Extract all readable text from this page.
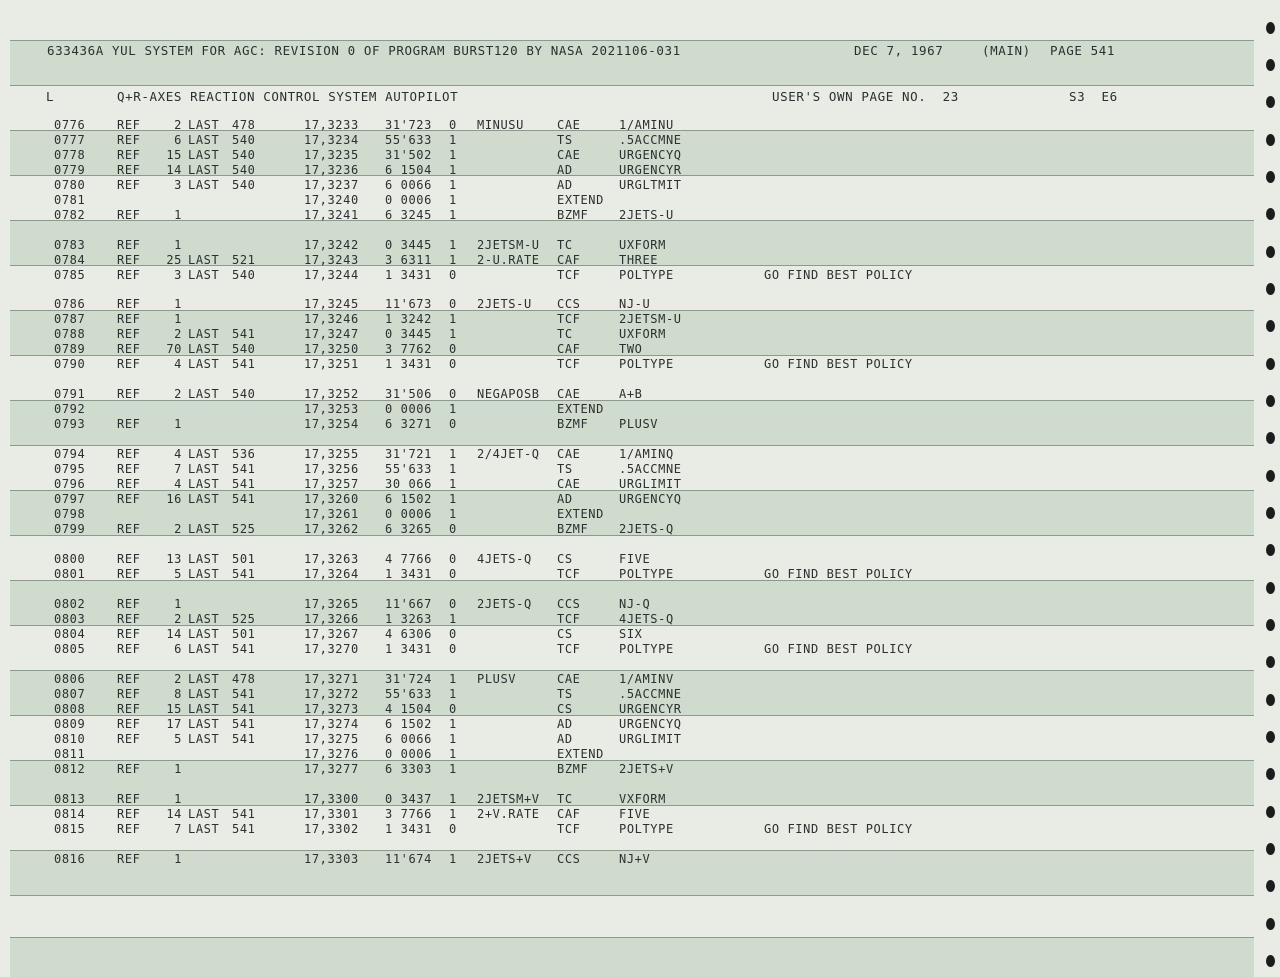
633436A YUL SYSTEM FOR AGC: REVISION 0 OF PROGRAM BURST120 BY NASA 2021106-031	DEC 7, 1967	(MAIN) PAGE 541
L	Q+R-AXES REACTION CONTROL SYSTEM AUTOPILOT	USER'S OWN PAGE NO.  23	S3  E6
0776	REF	2 LAST 478	17,3233 31'723 0 MINUSU	CAE	1/AMINU
0777	REF	6 LAST 540	17,3234 55'633 1	TS	.5ACCMNE
0778	REF	15 LAST 540	17,3235 31'502 1	CAE	URGENCYQ
0779	REF	14 LAST 540	17,3236 6 1504 1	AD	URGENCYR
0780	REF	3 LAST 540	17,3237 6 0066 1	AD	URGLTMIT
0781	17,3240 0 0006 1	EXTEND
0782	REF	1	17,3241 6 3245 1	BZMF	2JETS-U
0783	REF	1	17,3242 0 3445 1 2JETSM-U TC	UXFORM
0784	REF	25 LAST 521	17,3243 3 6311 1 2-U.RATE CAF	THREE
0785	REF	3 LAST 540	17,3244 1 3431 0	TCF	POLTYPE	GO FIND BEST POLICY
0786	REF	1	17,3245 11'673 0 2JETS-U CCS	NJ-U
0787	REF	1	17,3246 1 3242 1	TCF	2JETSM-U
0788	REF	2 LAST 541	17,3247 0 3445 1	TC	UXFORM
0789	REF	70 LAST 540	17,3250 3 7762 0	CAF	TWO
0790	REF	4 LAST 541	17,3251 1 3431 0	TCF	POLTYPE	GO FIND BEST POLICY
0791	REF	2 LAST 540	17,3252 31'506 0 NEGAPOSB CAE	A+B
0792	17,3253 0 0006 1	EXTEND
0793	REF	1	17,3254 6 3271 0	BZMF	PLUSV
0794	REF	4 LAST 536	17,3255 31'721 1 2/4JET-Q CAE	1/AMINQ
0795	REF	7 LAST 541	17,3256 55'633 1	TS	.5ACCMNE
0796	REF	4 LAST 541	17,3257 30 066 1	CAE	URGLIMIT
0797	REF	16 LAST 541	17,3260 6 1502 1	AD	URGENCYQ
0798	17,3261 0 0006 1	EXTEND
0799	REF	2 LAST 525	17,3262 6 3265 0	BZMF	2JETS-Q
0800	REF	13 LAST 501	17,3263 4 7766 0 4JETS-Q CS	FIVE
0801	REF	5 LAST 541	17,3264 1 3431 0	TCF	POLTYPE	GO FIND BEST POLICY
0802	REF	1	17,3265 11'667 0 2JETS-Q CCS	NJ-Q
0803	REF	2 LAST 525	17,3266 1 3263 1	TCF	4JETS-Q
0804	REF	14 LAST 501	17,3267 4 6306 0	CS	SIX
0805	REF	6 LAST 541	17,3270 1 3431 0	TCF	POLTYPE	GO FIND BEST POLICY
0806	REF	2 LAST 478	17,3271 31'724 1 PLUSV	CAE	1/AMINV
0807	REF	8 LAST 541	17,3272 55'633 1	TS	.5ACCMNE
0808	REF	15 LAST 541	17,3273 4 1504 0	CS	URGENCYR
0809	REF	17 LAST 541	17,3274 6 1502 1	AD	URGENCYQ
0810	REF	5 LAST 541	17,3275 6 0066 1	AD	URGLIMIT
0811	17,3276 0 0006 1	EXTEND
0812	REF	1	17,3277 6 3303 1	BZMF	2JETS+V
0813	REF	1	17,3300 0 3437 1 2JETSM+V TC	VXFORM
0814	REF	14 LAST 541	17,3301 3 7766 1 2+V.RATE CAF	FIVE
0815	REF	7 LAST 541	17,3302 1 3431 0	TCF	POLTYPE	GO FIND BEST POLICY
0816	REF	1	17,3303 11'674 1 2JETS+V CCS	NJ+V
